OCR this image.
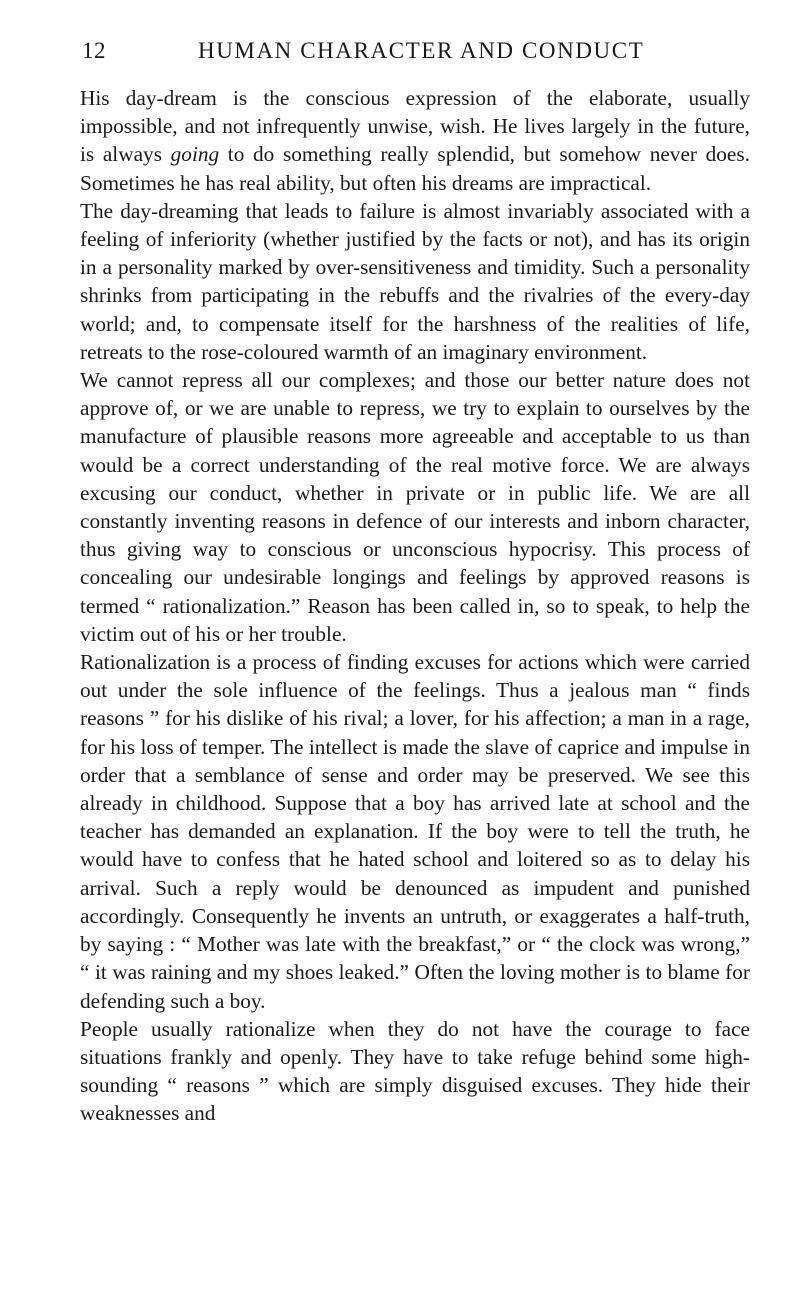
12	HUMAN CHARACTER AND CONDUCT

His day-dream is the conscious expression of the elaborate, usually impossible, and not infrequently unwise, wish. He lives largely in the future, is always going to do something really splendid, but somehow never does. Sometimes he has real ability, but often his dreams are impractical.

The day-dreaming that leads to failure is almost invariably associated with a feeling of inferiority (whether justified by the facts or not), and has its origin in a personality marked by over-sensitiveness and timidity. Such a personality shrinks from participating in the rebuffs and the rivalries of the every-day world; and, to compensate itself for the harshness of the realities of life, retreats to the rose-coloured warmth of an imaginary environment.

We cannot repress all our complexes; and those our better nature does not approve of, or we are unable to repress, we try to explain to ourselves by the manufacture of plausible reasons more agreeable and acceptable to us than would be a correct understanding of the real motive force. We are always excusing our conduct, whether in private or in public life. We are all constantly inventing reasons in defence of our interests and inborn character, thus giving way to conscious or unconscious hypocrisy. This process of concealing our undesirable longings and feelings by approved reasons is termed “ rationalization.” Reason has been called in, so to speak, to help the victim out of his or her trouble.

Rationalization is a process of finding excuses for actions which were carried out under the sole influence of the feelings. Thus a jealous man “ finds reasons ” for his dislike of his rival; a lover, for his affection; a man in a rage, for his loss of temper. The intellect is made the slave of caprice and impulse in order that a semblance of sense and order may be preserved. We see this already in childhood. Suppose that a boy has arrived late at school and the teacher has demanded an explanation. If the boy were to tell the truth, he would have to confess that he hated school and loitered so as to delay his arrival. Such a reply would be denounced as impudent and punished accordingly. Consequently he invents an untruth, or exaggerates a half-truth, by saying : “ Mother was late with the breakfast,” or “ the clock was wrong,” “ it was raining and my shoes leaked.” Often the loving mother is to blame for defending such a boy.

People usually rationalize when they do not have the courage to face situations frankly and openly. They have to take refuge behind some high-sounding “ reasons ” which are simply disguised excuses. They hide their weaknesses and
